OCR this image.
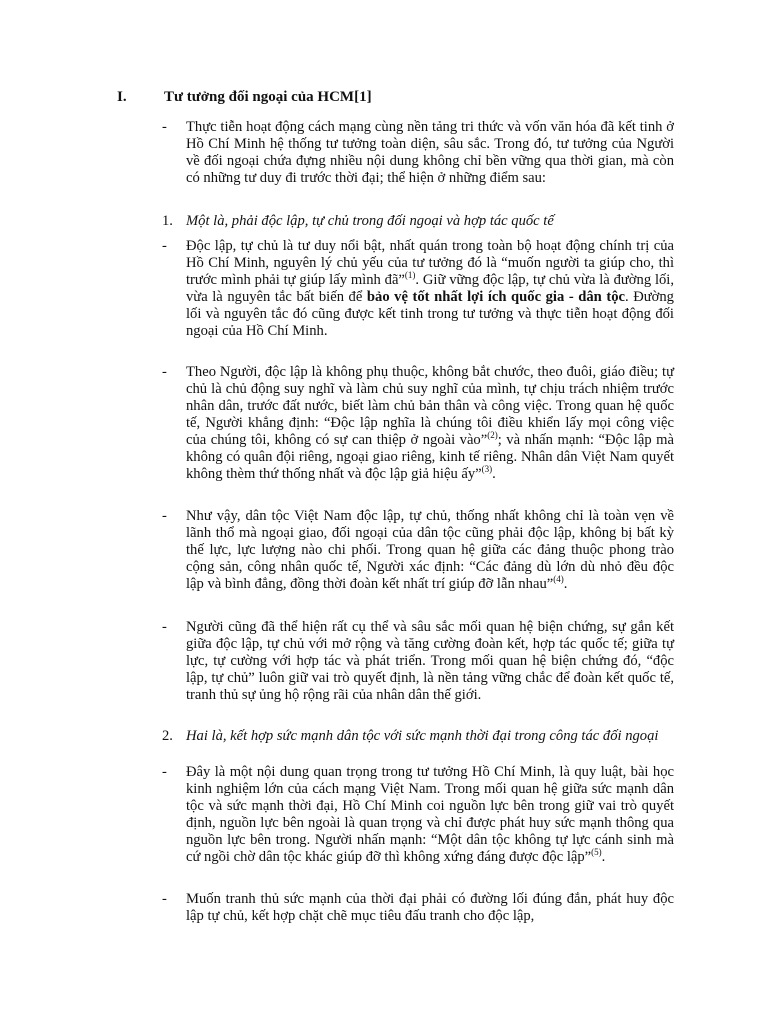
I. Tư tưởng đối ngoại của HCM[1]
- Thực tiễn hoạt động cách mạng cùng nền tảng tri thức và vốn văn hóa đã kết tinh ở Hồ Chí Minh hệ thống tư tưởng toàn diện, sâu sắc. Trong đó, tư tưởng của Người về đối ngoại chứa đựng nhiều nội dung không chỉ bền vững qua thời gian, mà còn có những tư duy đi trước thời đại; thể hiện ở những điểm sau:
1. Một là, phải độc lập, tự chủ trong đối ngoại và hợp tác quốc tế
- Độc lập, tự chủ là tư duy nổi bật, nhất quán trong toàn bộ hoạt động chính trị của Hồ Chí Minh, nguyên lý chủ yếu của tư tưởng đó là “muốn người ta giúp cho, thì trước mình phải tự giúp lấy mình đã”$^{(1)}$. Giữ vững độc lập, tự chủ vừa là đường lối, vừa là nguyên tắc bất biến để bảo vệ tốt nhất lợi ích quốc gia - dân tộc. Đường lối và nguyên tắc đó cũng được kết tinh trong tư tưởng và thực tiễn hoạt động đối ngoại của Hồ Chí Minh.
- Theo Người, độc lập là không phụ thuộc, không bắt chước, theo đuôi, giáo điều; tự chủ là chủ động suy nghĩ và làm chủ suy nghĩ của mình, tự chịu trách nhiệm trước nhân dân, trước đất nước, biết làm chủ bản thân và công việc. Trong quan hệ quốc tế, Người khẳng định: “Độc lập nghĩa là chúng tôi điều khiển lấy mọi công việc của chúng tôi, không có sự can thiệp ở ngoài vào”$^{(2)}$; và nhấn mạnh: “Độc lập mà không có quân đội riêng, ngoại giao riêng, kinh tế riêng. Nhân dân Việt Nam quyết không thèm thứ thống nhất và độc lập giả hiệu ấy”$^{(3)}$.
- Như vậy, dân tộc Việt Nam độc lập, tự chủ, thống nhất không chỉ là toàn vẹn về lãnh thổ mà ngoại giao, đối ngoại của dân tộc cũng phải độc lập, không bị bất kỳ thế lực, lực lượng nào chi phối. Trong quan hệ giữa các đảng thuộc phong trào cộng sản, công nhân quốc tế, Người xác định: “Các đảng dù lớn dù nhỏ đều độc lập và bình đẳng, đồng thời đoàn kết nhất trí giúp đỡ lẫn nhau”$^{(4)}$.
- Người cũng đã thể hiện rất cụ thể và sâu sắc mối quan hệ biện chứng, sự gắn kết giữa độc lập, tự chủ với mở rộng và tăng cường đoàn kết, hợp tác quốc tế; giữa tự lực, tự cường với hợp tác và phát triển. Trong mối quan hệ biện chứng đó, “độc lập, tự chủ” luôn giữ vai trò quyết định, là nền tảng vững chắc để đoàn kết quốc tế, tranh thủ sự ủng hộ rộng rãi của nhân dân thế giới.
2. Hai là, kết hợp sức mạnh dân tộc với sức mạnh thời đại trong công tác đối ngoại
- Đây là một nội dung quan trọng trong tư tưởng Hồ Chí Minh, là quy luật, bài học kinh nghiệm lớn của cách mạng Việt Nam. Trong mối quan hệ giữa sức mạnh dân tộc và sức mạnh thời đại, Hồ Chí Minh coi nguồn lực bên trong giữ vai trò quyết định, nguồn lực bên ngoài là quan trọng và chỉ được phát huy sức mạnh thông qua nguồn lực bên trong. Người nhấn mạnh: “Một dân tộc không tự lực cánh sinh mà cứ ngồi chờ dân tộc khác giúp đỡ thì không xứng đáng được độc lập”$^{(5)}$.
- Muốn tranh thủ sức mạnh của thời đại phải có đường lối đúng đắn, phát huy độc lập tự chủ, kết hợp chặt chẽ mục tiêu đấu tranh cho độc lập,
